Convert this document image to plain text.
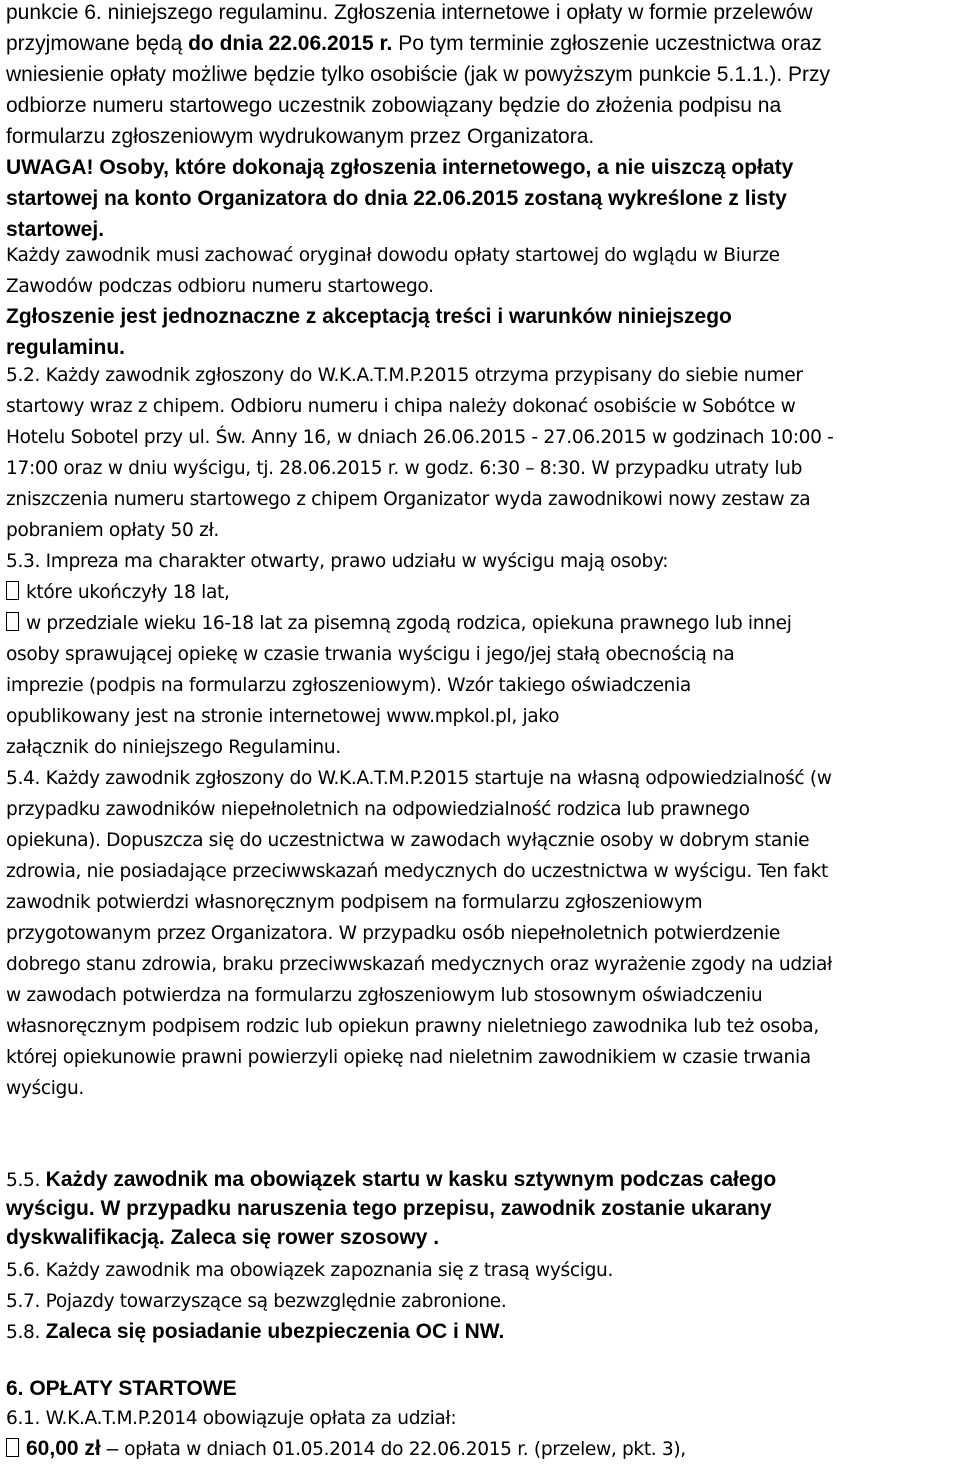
punkcie 6. niniejszego regulaminu. Zgłoszenia internetowe i opłaty w formie przelewów
przyjmowane będą do dnia 22.06.2015 r. Po tym terminie zgłoszenie uczestnictwa oraz
wniesienie opłaty możliwe będzie tylko osobiście (jak w powyższym punkcie 5.1.1.). Przy
odbiorze numeru startowego uczestnik zobowiązany będzie do złożenia podpisu na
formularzu zgłoszeniowym wydrukowanym przez Organizatora.
UWAGA! Osoby, które dokonają zgłoszenia internetowego, a nie uiszczą opłaty
startowej na konto Organizatora do dnia 22.06.2015 zostaną wykreślone z listy
startowej.
Każdy zawodnik musi zachować oryginał dowodu opłaty startowej do wglądu w Biurze
Zawodów podczas odbioru numeru startowego.
Zgłoszenie jest jednoznaczne z akceptacją treści i warunków niniejszego
regulaminu.
5.2. Każdy zawodnik zgłoszony do W.K.A.T.M.P.2015 otrzyma przypisany do siebie numer
startowy wraz z chipem. Odbioru numeru i chipa należy dokonać osobiście w Sobótce w
Hotelu Sobotel przy ul. Św. Anny 16, w dniach 26.06.2015 - 27.06.2015 w godzinach 10:00 -
17:00 oraz w dniu wyścigu, tj. 28.06.2015 r. w godz. 6:30 – 8:30. W przypadku utraty lub
zniszczenia numeru startowego z chipem Organizator wyda zawodnikowi nowy zestaw za
pobraniem opłaty 50 zł.
5.3. Impreza ma charakter otwarty, prawo udziału w wyścigu mają osoby:
które ukończyły 18 lat,
w przedziale wieku 16-18 lat za pisemną zgodą rodzica, opiekuna prawnego lub innej
osoby sprawującej opiekę w czasie trwania wyścigu i jego/jej stałą obecnością na
imprezie (podpis na formularzu zgłoszeniowym). Wzór takiego oświadczenia
opublikowany jest na stronie internetowej www.mpkol.pl, jako
załącznik do niniejszego Regulaminu.
5.4. Każdy zawodnik zgłoszony do W.K.A.T.M.P.2015 startuje na własną odpowiedzialność (w
przypadku zawodników niepełnoletnich na odpowiedzialność rodzica lub prawnego
opiekuna). Dopuszcza się do uczestnictwa w zawodach wyłącznie osoby w dobrym stanie
zdrowia, nie posiadające przeciwwskazań medycznych do uczestnictwa w wyścigu. Ten fakt
zawodnik potwierdzi własnoręcznym podpisem na formularzu zgłoszeniowym
przygotowanym przez Organizatora. W przypadku osób niepełnoletnich potwierdzenie
dobrego stanu zdrowia, braku przeciwwskazań medycznych oraz wyrażenie zgody na udział
w zawodach potwierdza na formularzu zgłoszeniowym lub stosownym oświadczeniu
własnoręcznym podpisem rodzic lub opiekun prawny nieletniego zawodnika lub też osoba,
której opiekunowie prawni powierzyli opiekę nad nieletnim zawodnikiem w czasie trwania
wyścigu.
5.5. Każdy zawodnik ma obowiązek startu w kasku sztywnym podczas całego
wyścigu. W przypadku naruszenia tego przepisu, zawodnik zostanie ukarany
dyskwalifikacją. Zaleca się rower szosowy .
5.6. Każdy zawodnik ma obowiązek zapoznania się z trasą wyścigu.
5.7. Pojazdy towarzyszące są bezwzględnie zabronione.
5.8. Zaleca się posiadanie ubezpieczenia OC i NW.
6. OPŁATY STARTOWE
6.1. W.K.A.T.M.P.2014 obowiązuje opłata za udział:
60,00 zł – opłata w dniach 01.05.2014 do 22.06.2015 r. (przelew, pkt. 3),
